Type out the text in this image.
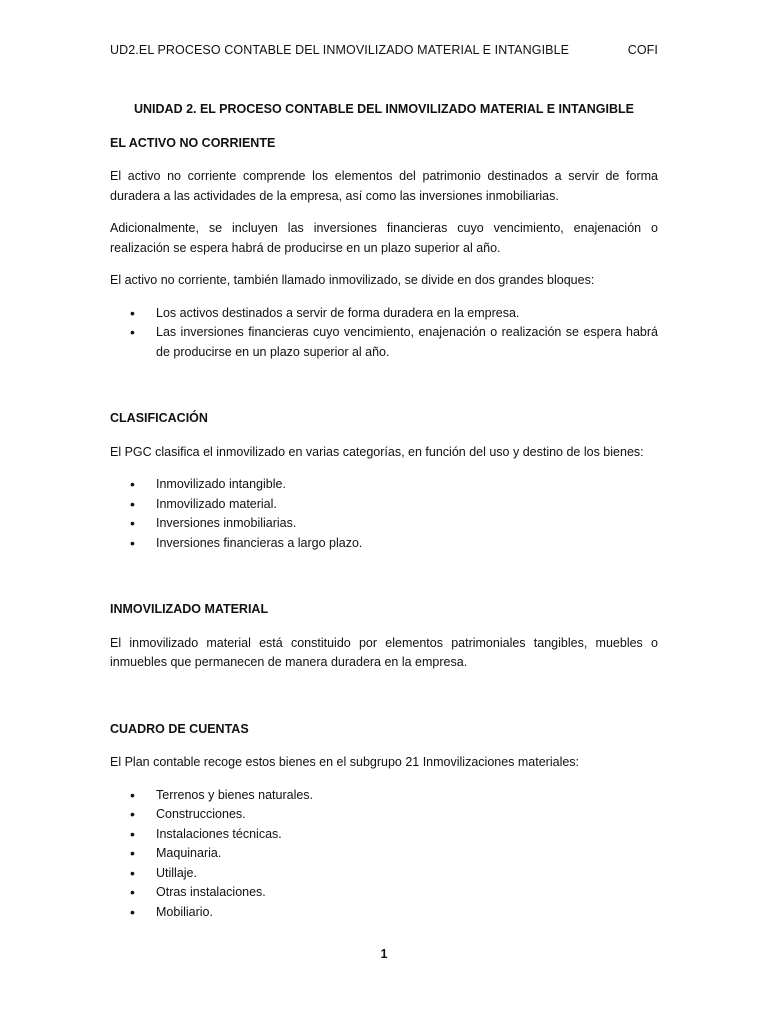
UD2.EL PROCESO CONTABLE DEL INMOVILIZADO MATERIAL E INTANGIBLE	COFI
UNIDAD 2. EL PROCESO CONTABLE DEL INMOVILIZADO MATERIAL E INTANGIBLE
EL ACTIVO NO CORRIENTE

El activo no corriente comprende los elementos del patrimonio destinados a servir de forma duradera a las actividades de la empresa, así como las inversiones inmobiliarias.

Adicionalmente, se incluyen las inversiones financieras cuyo vencimiento, enajenación o realización se espera habrá de producirse en un plazo superior al año.

El activo no corriente, también llamado inmovilizado, se divide en dos grandes bloques:

• Los activos destinados a servir de forma duradera en la empresa.
• Las inversiones financieras cuyo vencimiento, enajenación o realización se espera habrá de producirse en un plazo superior al año.
CLASIFICACIÓN

El PGC clasifica el inmovilizado en varias categorías, en función del uso y destino de los bienes:

• Inmovilizado intangible.
• Inmovilizado material.
• Inversiones inmobiliarias.
• Inversiones financieras a largo plazo.
INMOVILIZADO MATERIAL

El inmovilizado material está constituido por elementos patrimoniales tangibles, muebles o inmuebles que permanecen de manera duradera en la empresa.

CUADRO DE CUENTAS

El Plan contable recoge estos bienes en el subgrupo 21 Inmovilizaciones materiales:

• Terrenos y bienes naturales.
• Construcciones.
• Instalaciones técnicas.
• Maquinaria.
• Utillaje.
• Otras instalaciones.
• Mobiliario.
1
